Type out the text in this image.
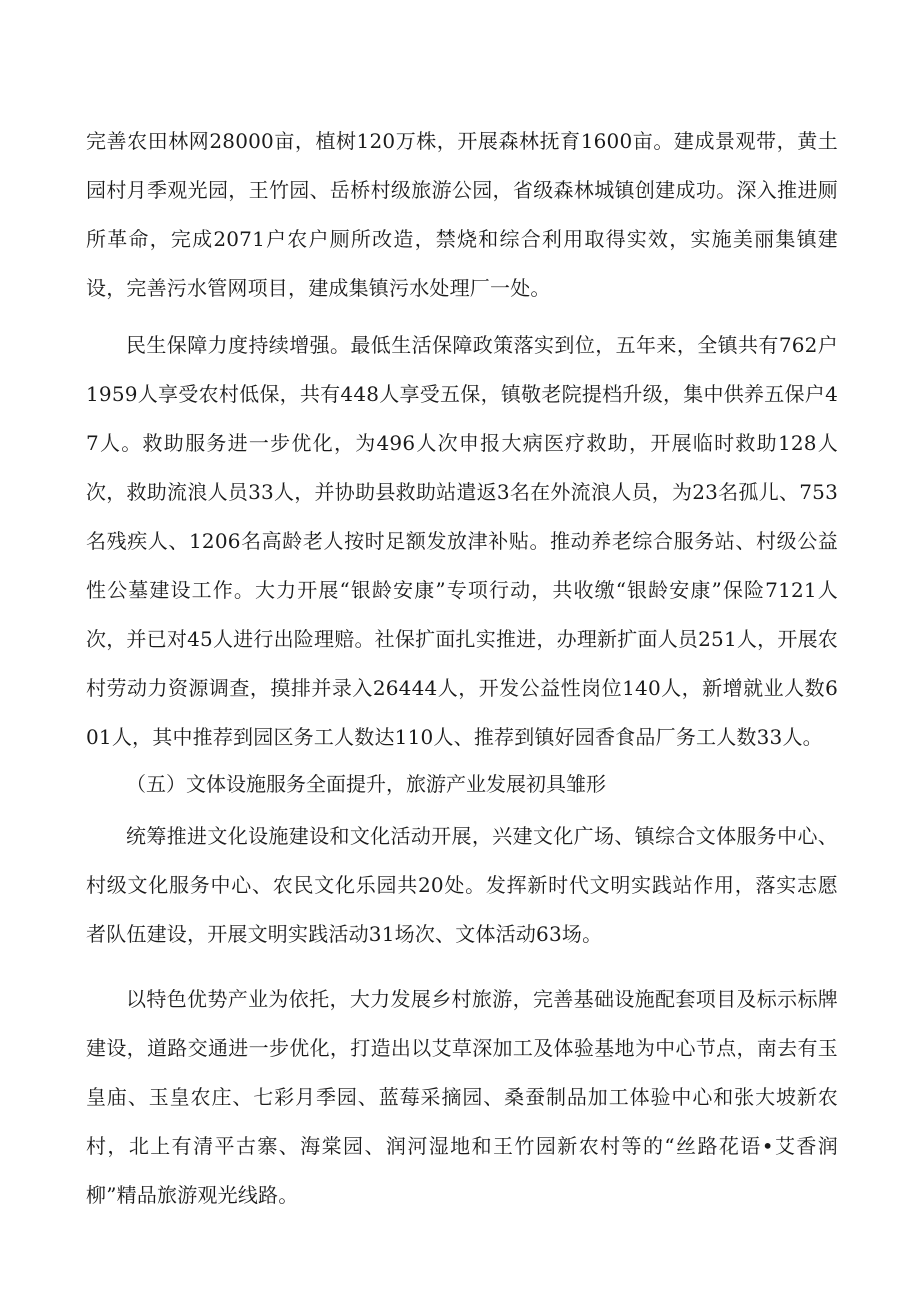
完善农田林网28000亩，植树120万株，开展森林抚育1600亩。建成景观带，黄土园村月季观光园，王竹园、岳桥村级旅游公园，省级森林城镇创建成功。深入推进厕所革命，完成2071户农户厕所改造，禁烧和综合利用取得实效，实施美丽集镇建设，完善污水管网项目，建成集镇污水处理厂一处。

民生保障力度持续增强。最低生活保障政策落实到位，五年来，全镇共有762户1959人享受农村低保，共有448人享受五保，镇敬老院提档升级，集中供养五保户47人。救助服务进一步优化，为496人次申报大病医疗救助，开展临时救助128人次，救助流浪人员33人，并协助县救助站遣返3名在外流浪人员，为23名孤儿、753名残疾人、1206名高龄老人按时足额发放津补贴。推动养老综合服务站、村级公益性公墓建设工作。大力开展“银龄安康”专项行动，共收缴“银龄安康”保险7121人次，并已对45人进行出险理赔。社保扩面扎实推进，办理新扩面人员251人，开展农村劳动力资源调查，摸排并录入26444人，开发公益性岗位140人，新增就业人数601人，其中推荐到园区务工人数达110人、推荐到镇好园香食品厂务工人数33人。

（五）文体设施服务全面提升，旅游产业发展初具雏形

统筹推进文化设施建设和文化活动开展，兴建文化广场、镇综合文体服务中心、村级文化服务中心、农民文化乐园共20处。发挥新时代文明实践站作用，落实志愿者队伍建设，开展文明实践活动31场次、文体活动63场。

以特色优势产业为依托，大力发展乡村旅游，完善基础设施配套项目及标示标牌建设，道路交通进一步优化，打造出以艾草深加工及体验基地为中心节点，南去有玉皇庙、玉皇农庄、七彩月季园、蓝莓采摘园、桑蚕制品加工体验中心和张大坡新农村，北上有清平古寨、海棠园、润河湿地和王竹园新农村等的“丝路花语•艾香润柳”精品旅游观光线路。
